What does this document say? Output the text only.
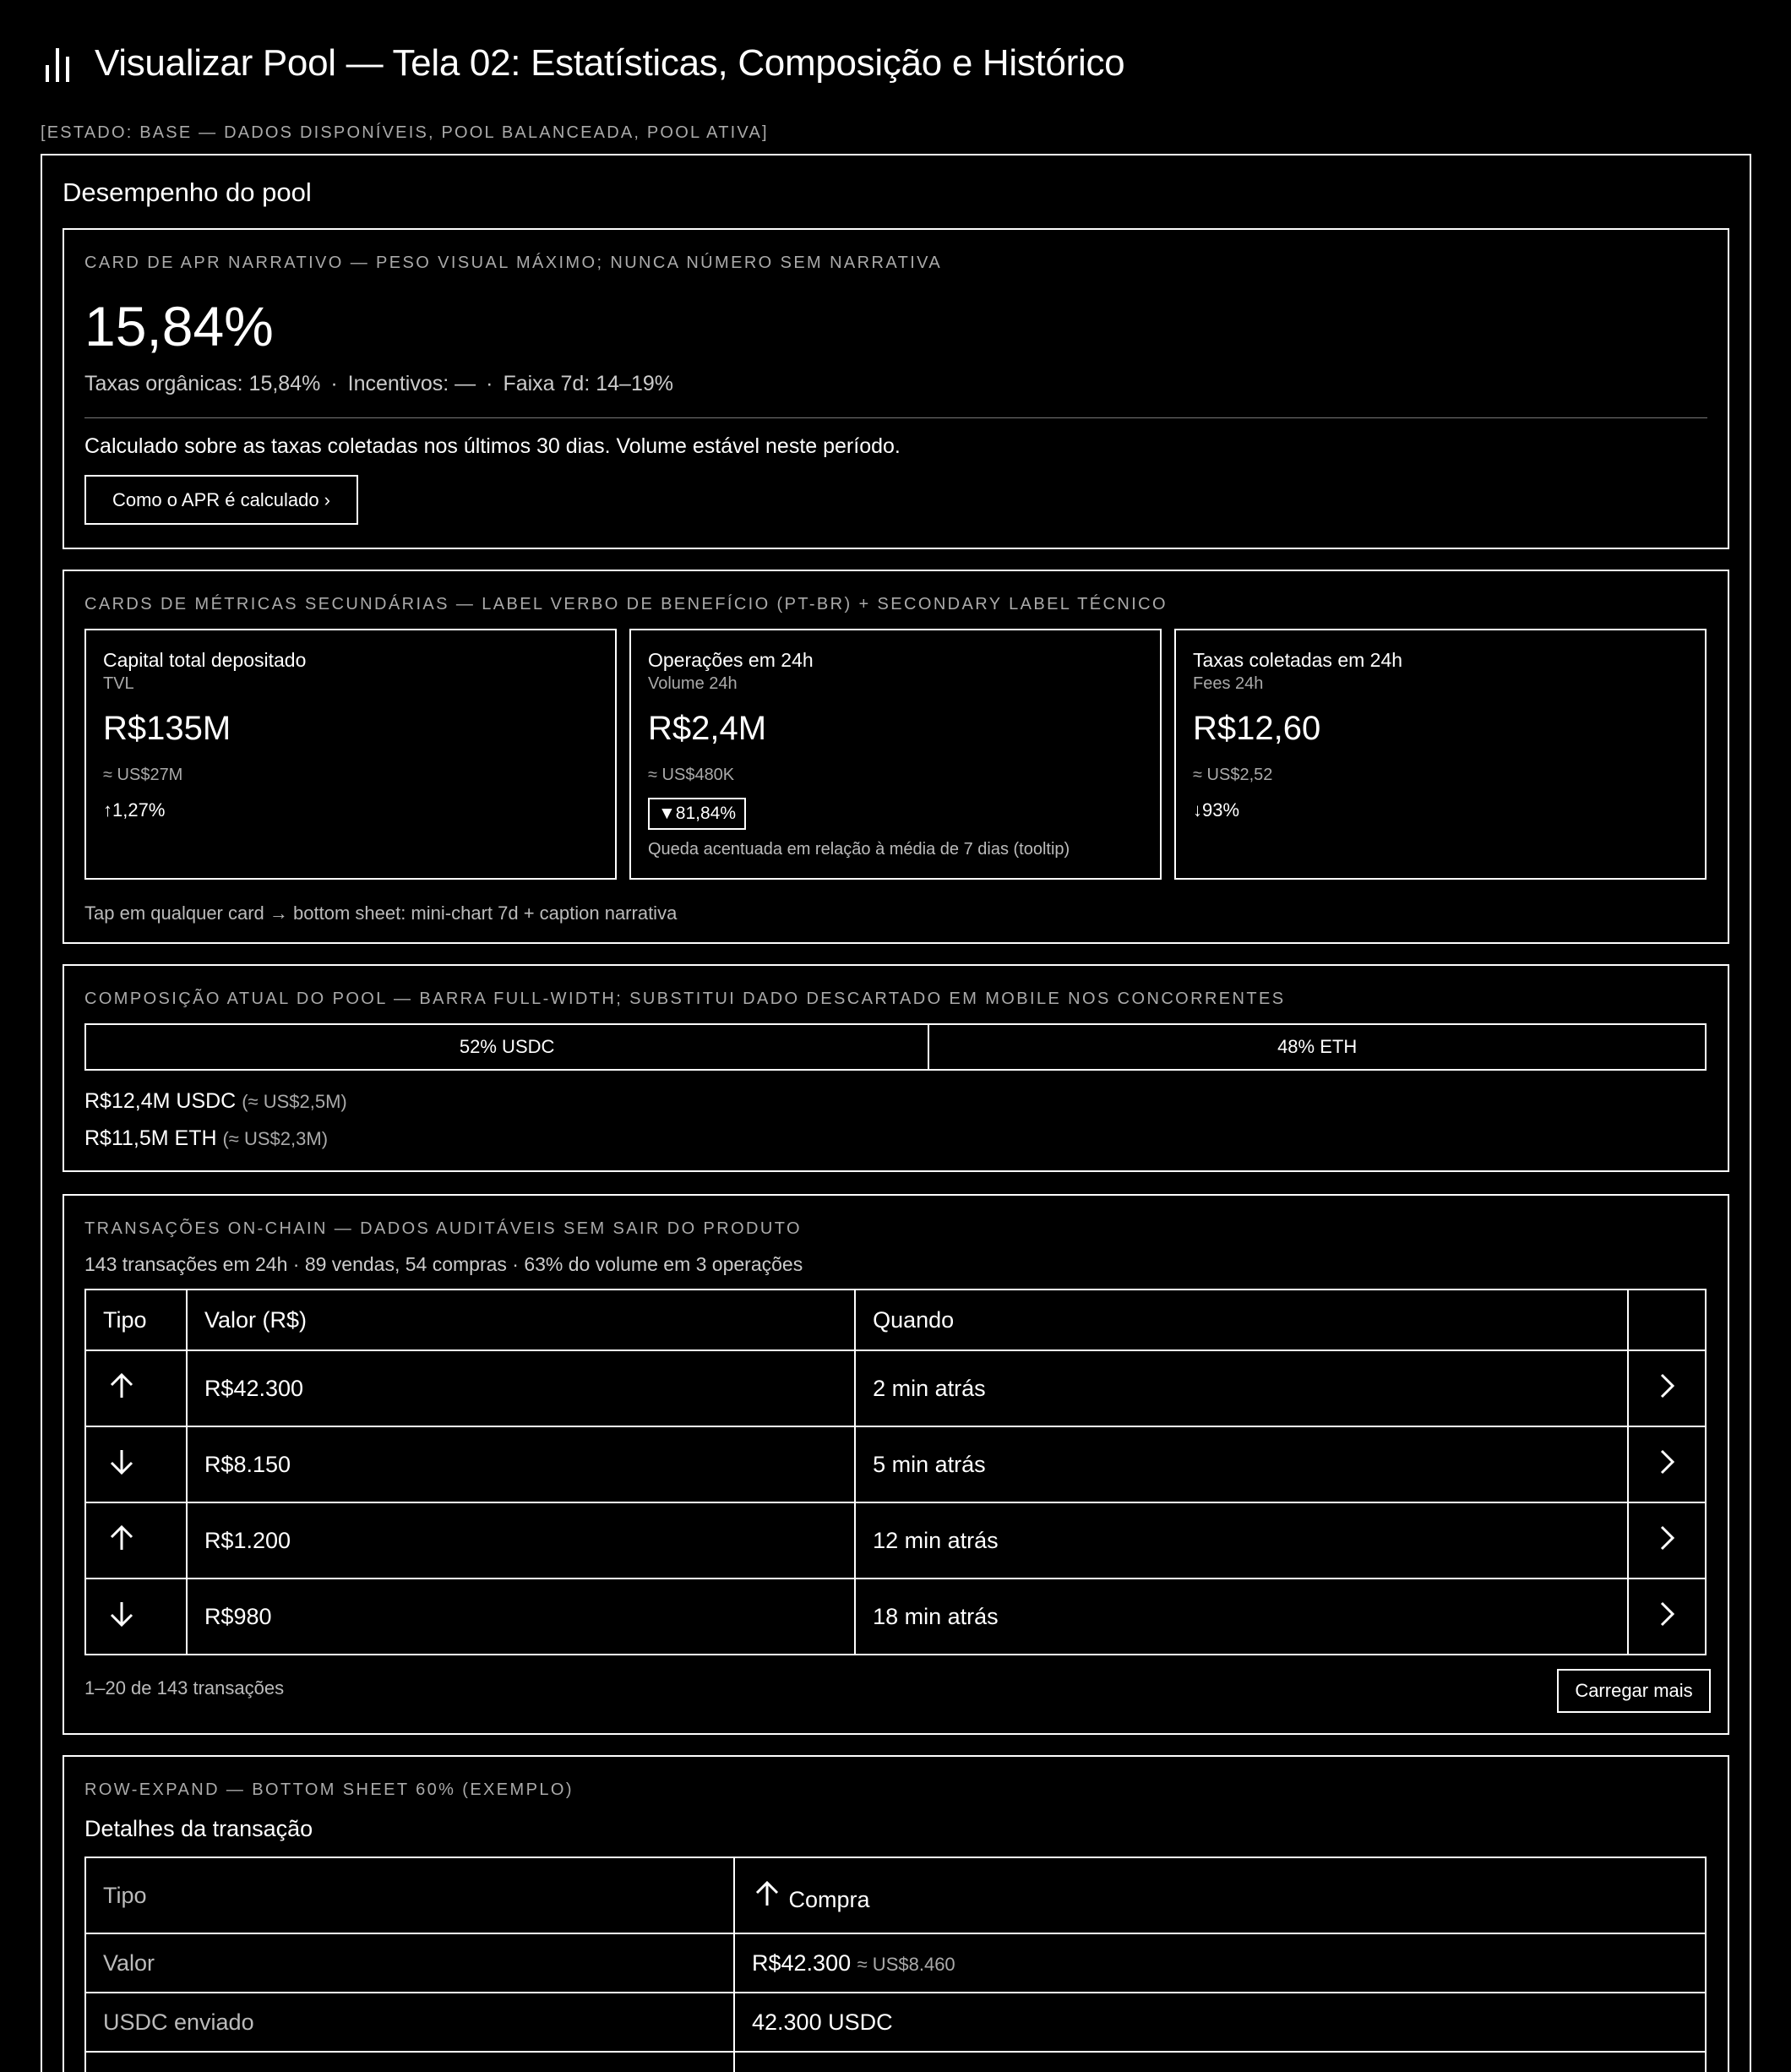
Visualizar Pool — Tela 02: Estatísticas, Composição e Histórico
[ESTADO: BASE — DADOS DISPONÍVEIS, POOL BALANCEADA, POOL ATIVA]
Desempenho do pool
CARD DE APR NARRATIVO — PESO VISUAL MÁXIMO; NUNCA NÚMERO SEM NARRATIVA
15,84%
Taxas orgânicas: 15,84% · Incentivos: — · Faixa 7d: 14–19%
Calculado sobre as taxas coletadas nos últimos 30 dias. Volume estável neste período.
Como o APR é calculado ›
CARDS DE MÉTRICAS SECUNDÁRIAS — LABEL VERBO DE BENEFÍCIO (PT-BR) + SECONDARY LABEL TÉCNICO
Capital total depositado
TVL
R$135M
≈ US$27M
↑1,27%
Operações em 24h
Volume 24h
R$2,4M
≈ US$480K
▼81,84%
Queda acentuada em relação à média de 7 dias (tooltip)
Taxas coletadas em 24h
Fees 24h
R$12,60
≈ US$2,52
↓93%
Tap em qualquer card → bottom sheet: mini-chart 7d + caption narrativa
COMPOSIÇÃO ATUAL DO POOL — BARRA FULL-WIDTH; SUBSTITUI DADO DESCARTADO EM MOBILE NOS CONCORRENTES
52% USDC	48% ETH
R$12,4M USDC (≈ US$2,5M)
R$11,5M ETH (≈ US$2,3M)
TRANSAÇÕES ON-CHAIN — DADOS AUDITÁVEIS SEM SAIR DO PRODUTO
143 transações em 24h · 89 vendas, 54 compras · 63% do volume em 3 operações
Tipo	Valor (R$)	Quando	
	R$42.300	2 min atrás	
	R$8.150	5 min atrás	
	R$1.200	12 min atrás	
	R$980	18 min atrás	
1–20 de 143 transações	Carregar mais
ROW-EXPAND — BOTTOM SHEET 60% (EXEMPLO)
Detalhes da transação
Tipo	Compra
Valor	R$42.300 ≈ US$8.460
USDC enviado	42.300 USDC
